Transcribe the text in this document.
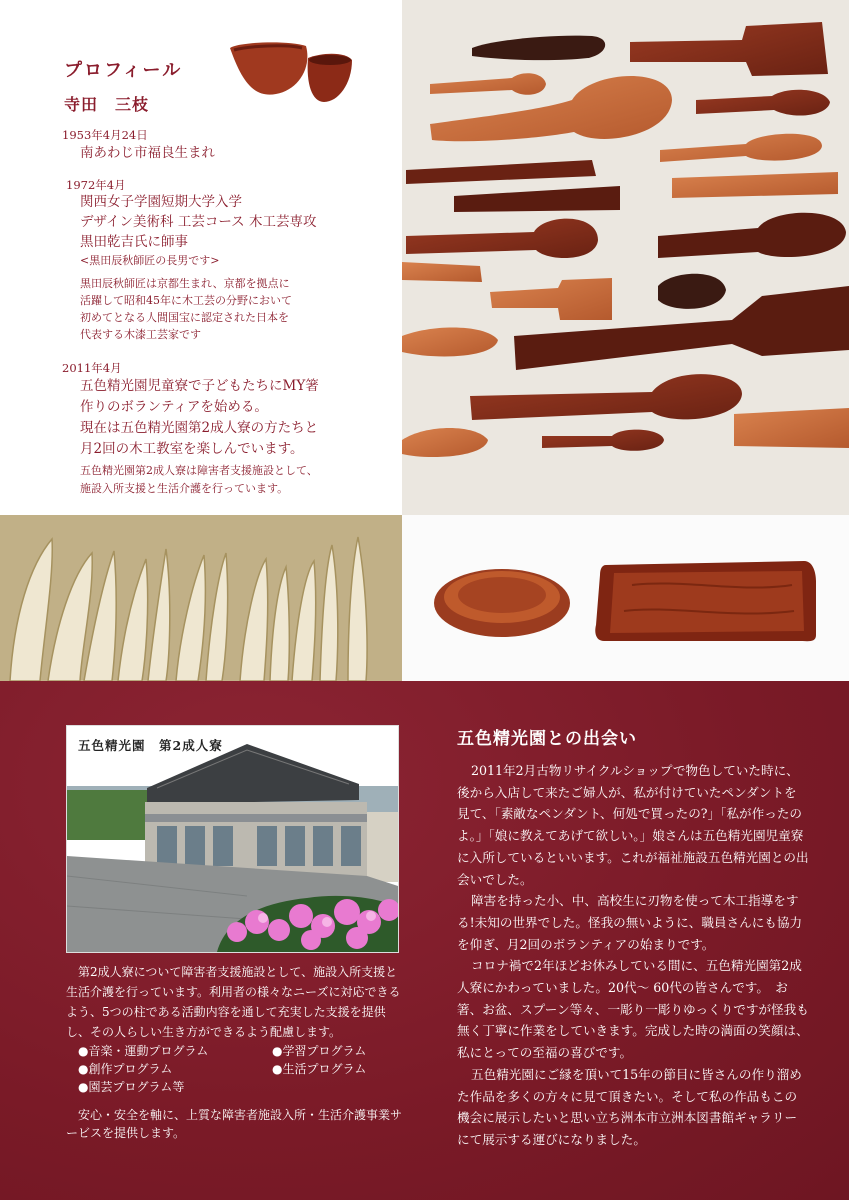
プロフィール
寺田　三枝
1953年4月24日
南あわじ市福良生まれ
1972年4月
関西女子学園短期大学入学
デザイン美術科 工芸コース 木工芸専攻
黒田乾吉氏に師事
<黒田辰秋師匠の長男です>
黒田辰秋師匠は京都生まれ、京都を拠点に
活躍して昭和45年に木工芸の分野において
初めてとなる人間国宝に認定された日本を
代表する木漆工芸家です
2011年4月
五色精光園児童寮で子どもたちにMY箸
作りのボランティアを始める。
現在は五色精光園第2成人寮の方たちと
月2回の木工教室を楽しんでいます。
五色精光園第2成人寮は障害者支援施設として、
施設入所支援と生活介護を行っています。
五色精光園　第2成人寮

第2成人寮について障害者支援施設として、施設入所支援と生活介護を行っています。利用者の様々なニーズに対応できるよう、5つの柱である活動内容を通して充実した支援を提供し、その人らしい生き方ができるよう配慮します。

●音楽・運動プログラム	●学習プログラム
●創作プログラム	●生活プログラム
●園芸プログラム等

安心・安全を軸に、上質な障害者施設入所・生活介護事業サービスを提供します。

五色精光園との出会い

2011年2月古物リサイクルショップで物色していた時に、後から入店して来たご婦人が、私が付けていたペンダントを見て、「素敵なペンダント、何処で買ったの?」「私が作ったのよ。」「娘に教えてあげて欲しい。」娘さんは五色精光園児童寮に入所しているといいます。これが福祉施設五色精光園との出会いでした。

障害を持った小、中、高校生に刃物を使って木工指導をする!未知の世界でした。怪我の無いように、職員さんにも協力を仰ぎ、月2回のボランティアの始まりです。

コロナ禍で2年ほどお休みしている間に、五色精光園第2成人寮にかわっていました。20代〜 60代の皆さんです。　お箸、お盆、スプーン等々、一彫り一彫りゆっくりですが怪我も無く丁寧に作業をしていきます。完成した時の満面の笑顔は、私にとっての至福の喜びです。

五色精光園にご縁を頂いて15年の節目に皆さんの作り溜めた作品を多くの方々に見て頂きたい。そして私の作品もこの機会に展示したいと思い立ち洲本市立洲本図書館ギャラリーにて展示する運びになりました。
